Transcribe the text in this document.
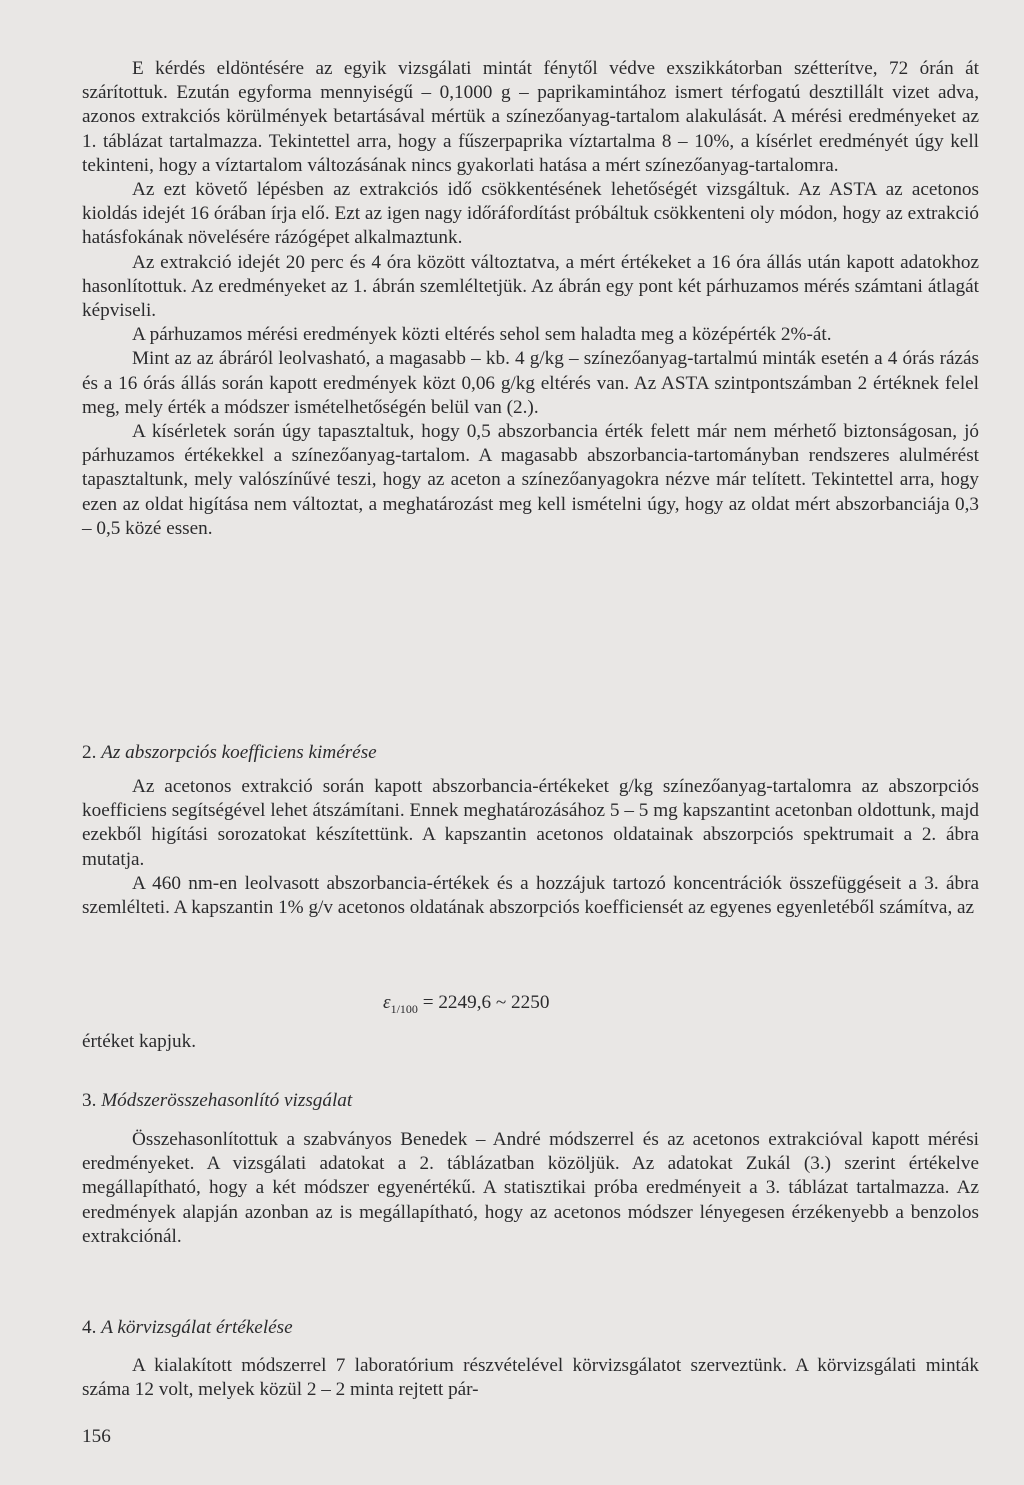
E kérdés eldöntésére az egyik vizsgálati mintát fénytől védve exszikkátorban szétterítve, 72 órán át szárítottuk. Ezután egyforma mennyiségű – 0,1000 g – paprikamintához ismert térfogatú desztillált vizet adva, azonos extrakciós körülmények betartásával mértük a színezőanyag-tartalom alakulását. A mérési eredményeket az 1. táblázat tartalmazza. Tekintettel arra, hogy a fűszerpaprika víztartalma 8 – 10%, a kísérlet eredményét úgy kell tekinteni, hogy a víztartalom változásának nincs gyakorlati hatása a mért színezőanyag-tartalomra.

Az ezt követő lépésben az extrakciós idő csökkentésének lehetőségét vizsgáltuk. Az ASTA az acetonos kioldás idejét 16 órában írja elő. Ezt az igen nagy időráfordítást próbáltuk csökkenteni oly módon, hogy az extrakció hatásfokának növelésére rázógépet alkalmaztunk.

Az extrakció idejét 20 perc és 4 óra között változtatva, a mért értékeket a 16 óra állás után kapott adatokhoz hasonlítottuk. Az eredményeket az 1. ábrán szemléltetjük. Az ábrán egy pont két párhuzamos mérés számtani átlagát képviseli.

A párhuzamos mérési eredmények közti eltérés sehol sem haladta meg a középérték 2%-át.

Mint az az ábráról leolvasható, a magasabb – kb. 4 g/kg – színezőanyag-tartalmú minták esetén a 4 órás rázás és a 16 órás állás során kapott eredmények közt 0,06 g/kg eltérés van. Az ASTA szintpontszámban 2 értéknek felel meg, mely érték a módszer ismételhetőségén belül van (2.).

A kísérletek során úgy tapasztaltuk, hogy 0,5 abszorbancia érték felett már nem mérhető biztonságosan, jó párhuzamos értékekkel a színezőanyag-tartalom. A magasabb abszorbancia-tartományban rendszeres alulmérést tapasztaltunk, mely valószínűvé teszi, hogy az aceton a színezőanyagokra nézve már telített. Tekintettel arra, hogy ezen az oldat higítása nem változtat, a meghatározást meg kell ismételni úgy, hogy az oldat mért abszorbanciája 0,3 – 0,5 közé essen.

2. Az abszorpciós koefficiens kimérése

Az acetonos extrakció során kapott abszorbancia-értékeket g/kg színezőanyag-tartalomra az abszorpciós koefficiens segítségével lehet átszámítani. Ennek meghatározásához 5 – 5 mg kapszantint acetonban oldottunk, majd ezekből higítási sorozatokat készítettünk. A kapszantin acetonos oldatainak abszorpciós spektrumait a 2. ábra mutatja.

A 460 nm-en leolvasott abszorbancia-értékek és a hozzájuk tartozó koncentrációk összefüggéseit a 3. ábra szemlélteti. A kapszantin 1% g/v acetonos oldatának abszorpciós koefficiensét az egyenes egyenletéből számítva, az

$\varepsilon_{1/100} = 2249,6$ ~ 2250
értéket kapjuk.
3. Módszerösszehasonlító vizsgálat

Összehasonlítottuk a szabványos Benedek – André módszerrel és az acetonos extrakcióval kapott mérési eredményeket. A vizsgálati adatokat a 2. táblázatban közöljük. Az adatokat Zukál (3.) szerint értékelve megállapítható, hogy a két módszer egyenértékű. A statisztikai próba eredményeit a 3. táblázat tartalmazza. Az eredmények alapján azonban az is megállapítható, hogy az acetonos módszer lényegesen érzékenyebb a benzolos extrakciónál.

4. A körvizsgálat értékelése

A kialakított módszerrel 7 laboratórium részvételével körvizsgálatot szerveztünk. A körvizsgálati minták száma 12 volt, melyek közül 2 – 2 minta rejtett pár-

156
